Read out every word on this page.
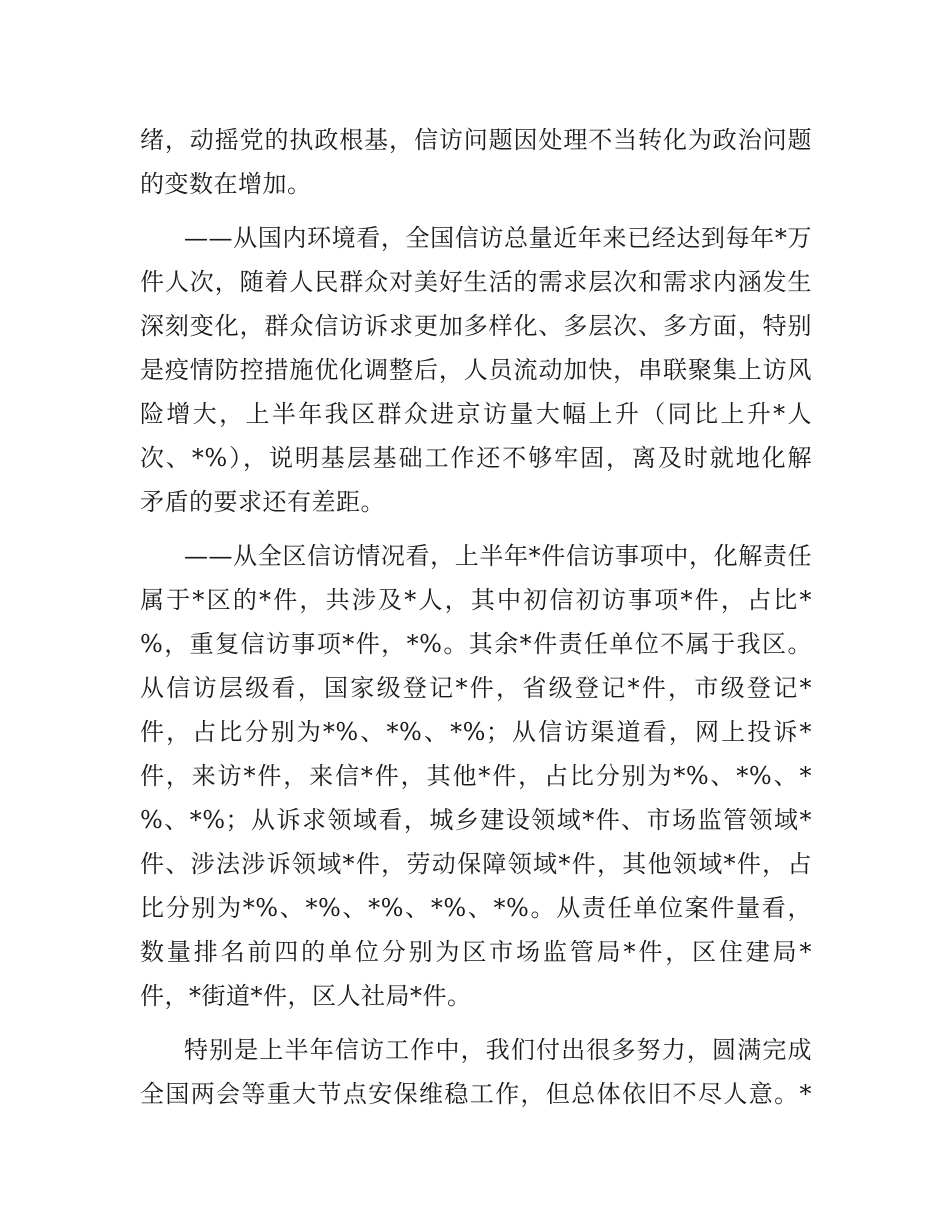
绪，动摇党的执政根基，信访问题因处理不当转化为政治问题
的变数在增加。
——从国内环境看，全国信访总量近年来已经达到每年*万
件人次，随着人民群众对美好生活的需求层次和需求内涵发生
深刻变化，群众信访诉求更加多样化、多层次、多方面，特别
是疫情防控措施优化调整后，人员流动加快，串联聚集上访风
险增大，上半年我区群众进京访量大幅上升（同比上升*人
次、*%），说明基层基础工作还不够牢固，离及时就地化解
矛盾的要求还有差距。
——从全区信访情况看，上半年*件信访事项中，化解责任
属于*区的*件，共涉及*人，其中初信初访事项*件，占比*
%，重复信访事项*件，*%。其余*件责任单位不属于我区。
从信访层级看，国家级登记*件，省级登记*件，市级登记*
件，占比分别为*%、*%、*%；从信访渠道看，网上投诉*
件，来访*件，来信*件，其他*件，占比分别为*%、*%、*
%、*%；从诉求领域看，城乡建设领域*件、市场监管领域*
件、涉法涉诉领域*件，劳动保障领域*件，其他领域*件，占
比分别为*%、*%、*%、*%、*%。从责任单位案件量看，
数量排名前四的单位分别为区市场监管局*件，区住建局*
件，*街道*件，区人社局*件。
特别是上半年信访工作中，我们付出很多努力，圆满完成
全国两会等重大节点安保维稳工作，但总体依旧不尽人意。*
